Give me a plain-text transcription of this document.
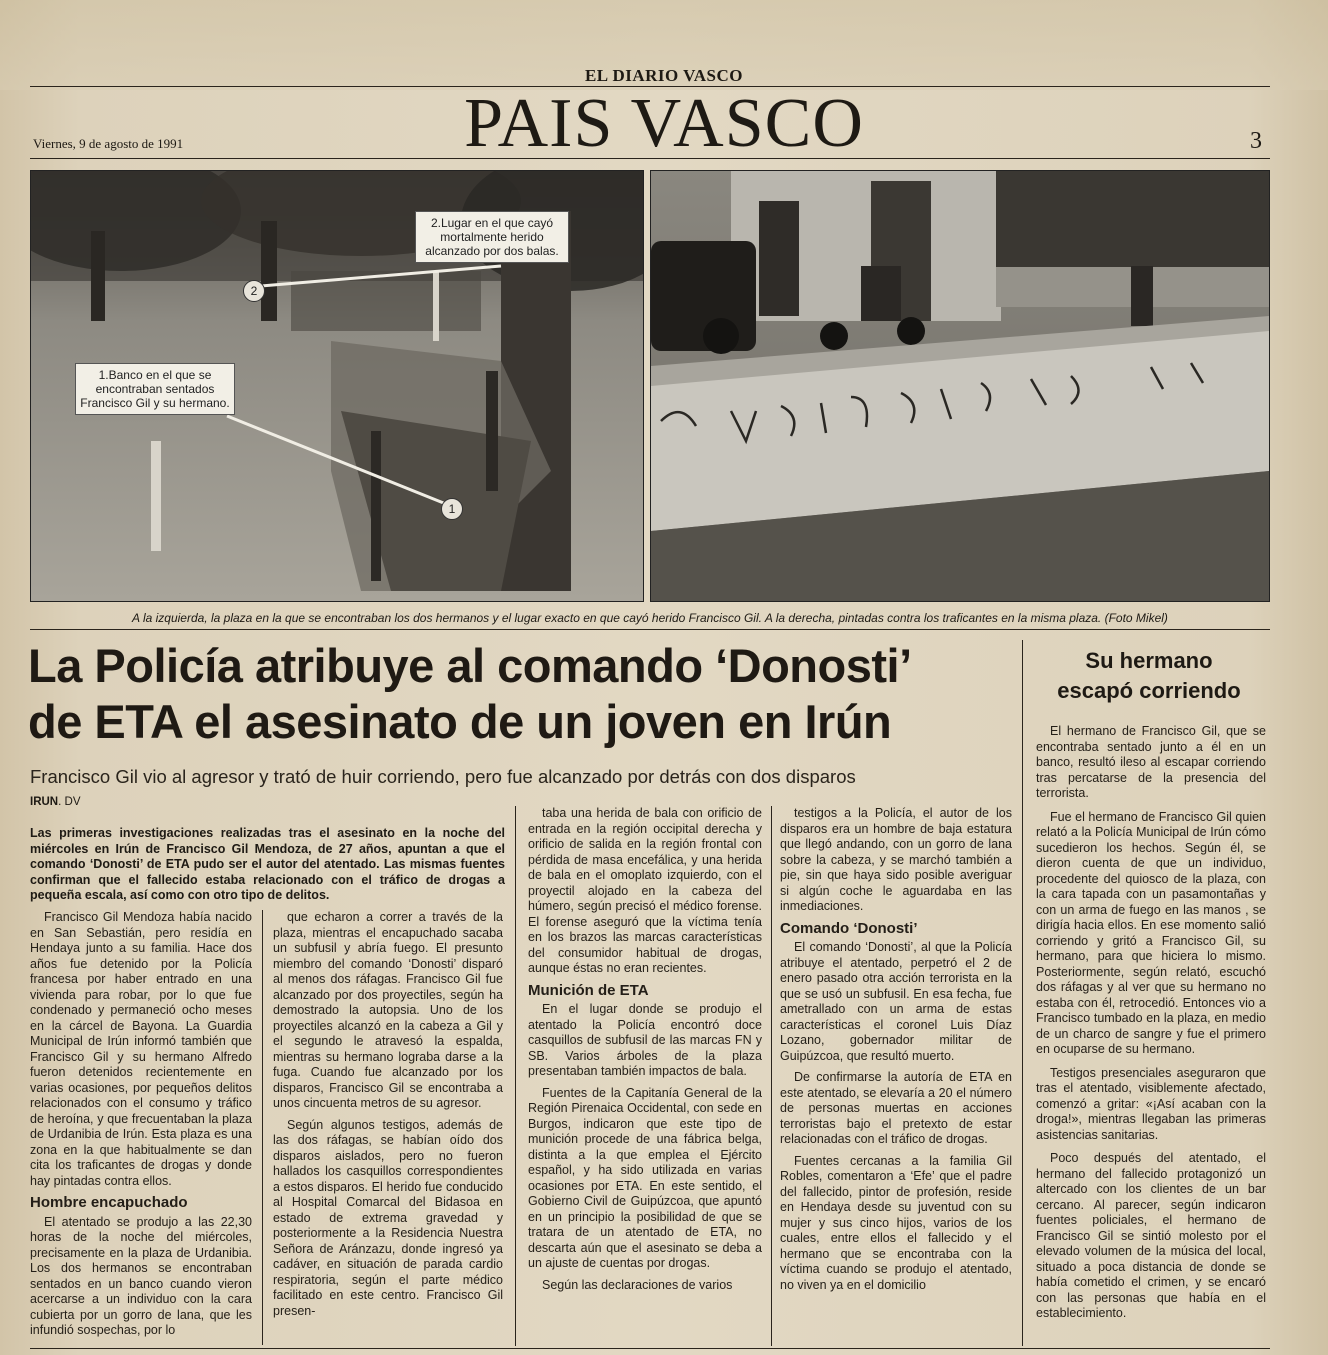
EL DIARIO VASCO
PAIS VASCO
Viernes, 9 de agosto de 1991	3
2.Lugar en el que cayó mortalmente herido alcanzado por dos balas.
1.Banco en el que se encontraban sentados Francisco Gil y su hermano.
1
2
A la izquierda, la plaza en la que se encontraban los dos hermanos y el lugar exacto en que cayó herido Francisco Gil. A la derecha, pintadas contra los traficantes en la misma plaza. (Foto Mikel)
La Policía atribuye al comando ‘Donosti’
de ETA el asesinato de un joven en Irún
Francisco Gil vio al agresor y trató de huir corriendo, pero fue alcanzado por detrás con dos disparos
IRUN. DV
Las primeras investigaciones realizadas tras el asesinato en la noche del miércoles en Irún de Francisco Gil Mendoza, de 27 años, apuntan a que el comando ‘Donosti’ de ETA pudo ser el autor del atentado. Las mismas fuentes confirman que el fallecido estaba relacionado con el tráfico de drogas a pequeña escala, así como con otro tipo de delitos.

Francisco Gil Mendoza había nacido en San Sebastián, pero residía en Hendaya junto a su familia. Hace dos años fue detenido por la Policía francesa por haber entrado en una vivienda para robar, por lo que fue condenado y permaneció ocho meses en la cárcel de Bayona. La Guardia Municipal de Irún informó también que Francisco Gil y su hermano Alfredo fueron detenidos recientemente en varias ocasiones, por pequeños delitos relacionados con el consumo y tráfico de heroína, y que frecuentaban la plaza de Urdanibia de Irún. Esta plaza es una zona en la que habitualmente se dan cita los traficantes de drogas y donde hay pintadas contra ellos.

Hombre encapuchado

El atentado se produjo a las 22,30 horas de la noche del miércoles, precisamente en la plaza de Urdanibia. Los dos hermanos se encontraban sentados en un banco cuando vieron acercarse a un individuo con la cara cubierta por un gorro de lana, que les infundió sospechas, por lo

que echaron a correr a través de la plaza, mientras el encapuchado sacaba un subfusil y abría fuego. El presunto miembro del comando ‘Donosti’ disparó al menos dos ráfagas. Francisco Gil fue alcanzado por dos proyectiles, según ha demostrado la autopsia. Uno de los proyectiles alcanzó en la cabeza a Gil y el segundo le atravesó la espalda, mientras su hermano lograba darse a la fuga. Cuando fue alcanzado por los disparos, Francisco Gil se encontraba a unos cincuenta metros de su agresor.

Según algunos testigos, además de las dos ráfagas, se habían oído dos disparos aislados, pero no fueron hallados los casquillos correspondientes a estos disparos. El herido fue conducido al Hospital Comarcal del Bidasoa en estado de extrema gravedad y posteriormente a la Residencia Nuestra Señora de Aránzazu, donde ingresó ya cadáver, en situación de parada cardio respiratoria, según el parte médico facilitado en este centro. Francisco Gil presen-

taba una herida de bala con orificio de entrada en la región occipital derecha y orificio de salida en la región frontal con pérdida de masa encefálica, y una herida de bala en el omoplato izquierdo, con el proyectil alojado en la cabeza del húmero, según precisó el médico forense. El forense aseguró que la víctima tenía en los brazos las marcas características del consumidor habitual de drogas, aunque éstas no eran recientes.

Munición de ETA

En el lugar donde se produjo el atentado la Policía encontró doce casquillos de subfusil de las marcas FN y SB. Varios árboles de la plaza presentaban también impactos de bala.

Fuentes de la Capitanía General de la Región Pirenaica Occidental, con sede en Burgos, indicaron que este tipo de munición procede de una fábrica belga, distinta a la que emplea el Ejército español, y ha sido utilizada en varias ocasiones por ETA. En este sentido, el Gobierno Civil de Guipúzcoa, que apuntó en un principio la posibilidad de que se tratara de un atentado de ETA, no descarta aún que el asesinato se deba a un ajuste de cuentas por drogas.

Según las declaraciones de varios

testigos a la Policía, el autor de los disparos era un hombre de baja estatura que llegó andando, con un gorro de lana sobre la cabeza, y se marchó también a pie, sin que haya sido posible averiguar si algún coche le aguardaba en las inmediaciones.

Comando ‘Donosti’

El comando ‘Donosti’, al que la Policía atribuye el atentado, perpetró el 2 de enero pasado otra acción terrorista en la que se usó un subfusil. En esa fecha, fue ametrallado con un arma de estas características el coronel Luis Díaz Lozano, gobernador militar de Guipúzcoa, que resultó muerto.

De confirmarse la autoría de ETA en este atentado, se elevaría a 20 el número de personas muertas en acciones terroristas bajo el pretexto de estar relacionadas con el tráfico de drogas.

Fuentes cercanas a la familia Gil Robles, comentaron a ‘Efe’ que el padre del fallecido, pintor de profesión, reside en Hendaya desde su juventud con su mujer y sus cinco hijos, varios de los cuales, entre ellos el fallecido y el hermano que se encontraba con la víctima cuando se produjo el atentado, no viven ya en el domicilio

Su hermano
escapó corriendo

El hermano de Francisco Gil, que se encontraba sentado junto a él en un banco, resultó ileso al escapar corriendo tras percatarse de la presencia del terrorista.

Fue el hermano de Francisco Gil quien relató a la Policía Municipal de Irún cómo sucedieron los hechos. Según él, se dieron cuenta de que un individuo, procedente del quiosco de la plaza, con la cara tapada con un pasamontañas y con un arma de fuego en las manos , se dirigía hacia ellos. En ese momento salió corriendo y gritó a Francisco Gil, su hermano, para que hiciera lo mismo. Posteriormente, según relató, escuchó dos ráfagas y al ver que su hermano no estaba con él, retrocedió. Entonces vio a Francisco tumbado en la plaza, en medio de un charco de sangre y fue el primero en ocuparse de su hermano.

Testigos presenciales aseguraron que tras el atentado, visiblemente afectado, comenzó a gritar: «¡Así acaban con la droga!», mientras llegaban las primeras asistencias sanitarias.

Poco después del atentado, el hermano del fallecido protagonizó un altercado con los clientes de un bar cercano. Al parecer, según indicaron fuentes policiales, el hermano de Francisco Gil se sintió molesto por el elevado volumen de la música del local, situado a poca distancia de donde se había cometido el crimen, y se encaró con las personas que había en el establecimiento.
